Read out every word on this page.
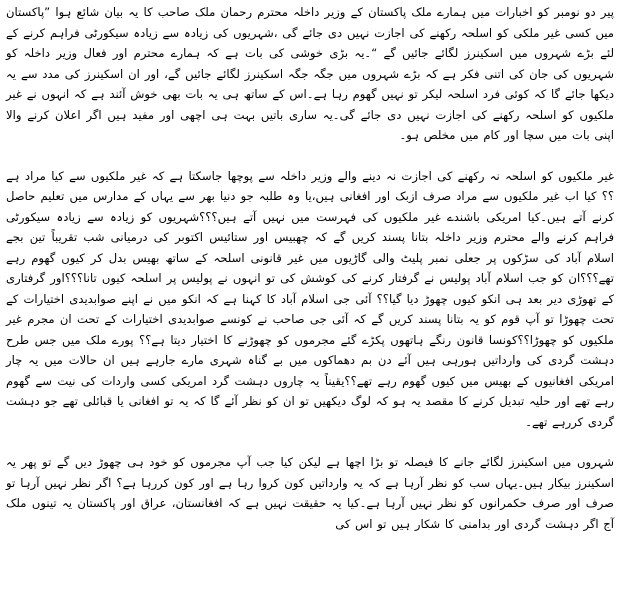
پیر دو نومبر کو اخبارات میں ہمارے ملک پاکستان کے وزیر داخلہ محترم رحمان ملک صاحب کا یہ بیان شائع ہوا ”پاکستان میں کسی غیر ملکی کو اسلحہ رکھنے کی اجازت نہیں دی جائے گی ،شہریوں کی زیادہ سے زیادہ سیکورٹی فراہم کرنے کے لئے بڑے شہروں میں اسکینرز لگائے جائیں گے “۔یہ بڑی خوشی کی بات ہے کہ ہمارے محترم اور فعال وزیر داخلہ کو شہریوں کی جان کی اتنی فکر ہے کہ بڑے شہروں میں جگہ جگہ اسکینرز لگائے جائیں گے، اور ان اسکینرز کی مدد سے یہ دیکھا جائے گا کہ کوئی فرد اسلحہ لیکر تو نہیں گھوم رہا ہے۔اس کے ساتھ ہی یہ بات بھی خوش آئند ہے کہ انہوں نے غیر ملکیوں کو اسلحہ رکھنے کی اجازت نہیں دی جائے گی۔یہ ساری باتیں بہت ہی اچھی اور مفید ہیں اگر اعلان کرنے والا اپنی بات میں سچا اور کام میں مخلص ہو۔

غیر ملکیوں کو اسلحہ نہ رکھنے کی اجازت نہ دینے والے وزیر داخلہ سے پوچھا جاسکتا ہے کہ غیر ملکیوں سے کیا مراد ہے ؟؟ کیا اب غیر ملکیوں سے مراد صرف ازبک اور افغانی ہیں،یا وہ طلبہ جو دنیا بھر سے یہاں کے مدارس میں تعلیم حاصل کرنے آتے ہیں۔کیا امریکی باشندے غیر ملکیوں کی فہرست میں نہیں آتے ہیں؟؟؟شہریوں کو زیادہ سے زیادہ سیکورٹی فراہم کرنے والے محترم وزیر داخلہ بتانا پسند کریں گے کہ چھبیس اور ستائیس اکتوبر کی درمیانی شب تقریباً تین بجے اسلام آباد کی سڑکوں پر جعلی نمبر پلیٹ والی گاڑیوں میں غیر قانونی اسلحہ کے ساتھ بھیس بدل کر کیوں گھوم رہے تھے؟؟؟ان کو جب اسلام آباد پولیس نے گرفتار کرنے کی کوشش کی تو انہوں نے پولیس پر اسلحہ کیوں تانا؟؟؟اور گرفتاری کے تھوڑی دیر بعد ہی انکو کیوں چھوڑ دیا گیا؟؟ آئی جی اسلام آباد کا کہنا ہے کہ انکو میں نے اپنے صوابدیدی اختیارات کے تحت چھوڑا تو آپ قوم کو یہ بتانا پسند کریں گے کہ آئی جی صاحب نے کونسے صوابدیدی اختیارات کے تحت ان مجرم غیر ملکیوں کو چھوڑا؟؟کونسا قانون رنگے ہاتھوں پکڑے گئے مجرموں کو چھوڑنے کا اختیار دیتا ہے؟؟ پورے ملک میں جس طرح دہشت گردی کی وارداتیں ہورہی ہیں آئے دن بم دھماکوں میں بے گناہ شہری مارے جارہے ہیں ان حالات میں یہ چار امریکی افغانیوں کے بھیس میں کیوں گھوم رہے تھے؟؟یقیناً یہ چاروں دہشت گرد امریکی کسی واردات کی نیت سے گھوم رہے تھے اور حلیہ تبدیل کرنے کا مقصد یہ ہو کہ لوگ دیکھیں تو ان کو نظر آئے گا کہ یہ تو افغانی یا قبائلی تھے جو دہشت گردی کررہے تھے۔

شہروں میں اسکینرز لگائے جانے کا فیصلہ تو بڑا اچھا ہے لیکن کیا جب آپ مجرموں کو خود ہی چھوڑ دیں گے تو پھر یہ اسکینرز بیکار ہیں۔یہاں سب کو نظر آرہا ہے کہ یہ وارداتیں کون کروا رہا ہے اور کون کررہا ہے؟ اگر نظر نہیں آرہا تو صرف اور صرف حکمرانوں کو نظر نہیں آرہا ہے۔کیا یہ حقیقت نہیں ہے کہ افغانستان، عراق اور پاکستان یہ تینوں ملک آج اگر دہشت گردی اور بدامنی کا شکار ہیں تو اس کی
